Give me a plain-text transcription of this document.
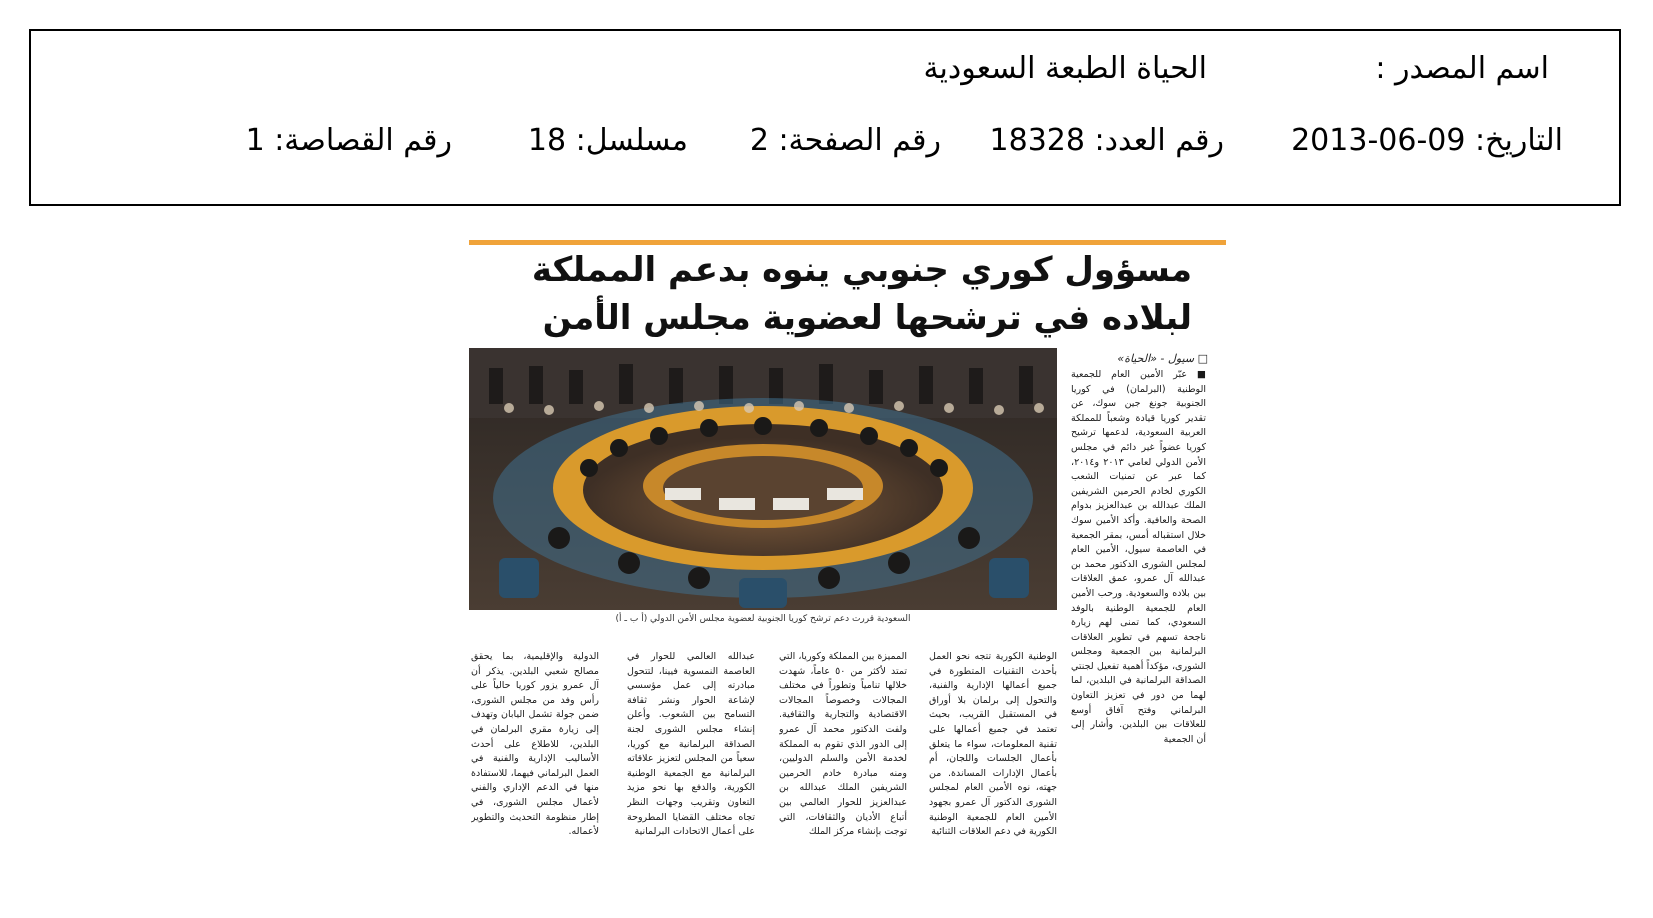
اسم المصدر :
الحياة الطبعة السعودية
التاريخ: 09-06-2013
رقم العدد: 18328
رقم الصفحة: 2
مسلسل: 18
رقم القصاصة: 1
مسؤول كوري جنوبي ينوه بدعم المملكة
لبلاده في ترشحها لعضوية مجلس الأمن
□ سيول - «الحياة»
السعودية قررت دعم ترشح كوريا الجنوبية لعضوية مجلس الأمن الدولي (أ ب ـ أ)
■ عبّر الأمين العام للجمعية الوطنية (البرلمان) في كوريا الجنوبية جونغ جين سوك، عن تقدير كوريا قيادة وشعباً للمملكة العربية السعودية، لدعمها ترشيح كوريا عضواً غير دائم في مجلس الأمن الدولي لعامي ٢٠١٣ و٢٠١٤، كما عبر عن تمنيات الشعب الكوري لخادم الحرمين الشريفين الملك عبدالله بن عبدالعزيز بدوام الصحة والعافية. وأكد الأمين سوك خلال استقباله أمس، بمقر الجمعية في العاصمة سيول، الأمين العام لمجلس الشورى الدكتور محمد بن عبدالله آل عمرو، عمق العلاقات بين بلاده والسعودية. ورحب الأمين العام للجمعية الوطنية بالوفد السعودي، كما تمنى لهم زيارة ناجحة تسهم في تطوير العلاقات البرلمانية بين الجمعية ومجلس الشورى، مؤكداً أهمية تفعيل لجنتي الصداقة البرلمانية في البلدين، لما لهما من دور في تعزيز التعاون البرلماني وفتح آفاق أوسع للعلاقات بين البلدين. وأشار إلى أن الجمعية
الوطنية الكورية تتجه نحو العمل بأحدث التقنيات المتطورة في جميع أعمالها الإدارية والفنية، والتحول إلى برلمان بلا أوراق في المستقبل القريب، بحيث تعتمد في جميع أعمالها على تقنية المعلومات، سواء ما يتعلق بأعمال الجلسات واللجان، أم بأعمال الإدارات المساندة. من جهته، نوه الأمين العام لمجلس الشورى الدكتور آل عمرو بجهود الأمين العام للجمعية الوطنية الكورية في دعم العلاقات الثنائية
المميزة بين المملكة وكوريا، التي تمتد لأكثر من ٥٠ عاماً، شهدت خلالها تنامياً وتطوراً في مختلف المجالات وخصوصاً المجالات الاقتصادية والتجارية والثقافية. ولفت الدكتور محمد آل عمرو إلى الدور الذي تقوم به المملكة لخدمة الأمن والسلم الدوليين، ومنه مبادرة خادم الحرمين الشريفين الملك عبدالله بن عبدالعزيز للحوار العالمي بين أتباع الأديان والثقافات، التي توجت بإنشاء مركز الملك
عبدالله العالمي للحوار في العاصمة النمسوية فيينا، لتتحول مبادرته إلى عمل مؤسسي لإشاعة الحوار ونشر ثقافة التسامح بين الشعوب. وأعلن إنشاء مجلس الشورى لجنة الصداقة البرلمانية مع كوريا، سعياً من المجلس لتعزيز علاقاته البرلمانية مع الجمعية الوطنية الكورية، والدفع بها نحو مزيد التعاون وتقريب وجهات النظر تجاه مختلف القضايا المطروحة على أعمال الاتحادات البرلمانية
الدولية والإقليمية، بما يحقق مصالح شعبي البلدين. يذكر أن آل عمرو يزور كوريا حالياً على رأس وفد من مجلس الشورى، ضمن جولة تشمل اليابان وتهدف إلى زيارة مقري البرلمان في البلدين، للاطلاع على أحدث الأساليب الإدارية والفنية في العمل البرلماني فيهما، للاستفادة منها في الدعم الإداري والفني لأعمال مجلس الشورى، في إطار منظومة التحديث والتطوير لأعماله.
